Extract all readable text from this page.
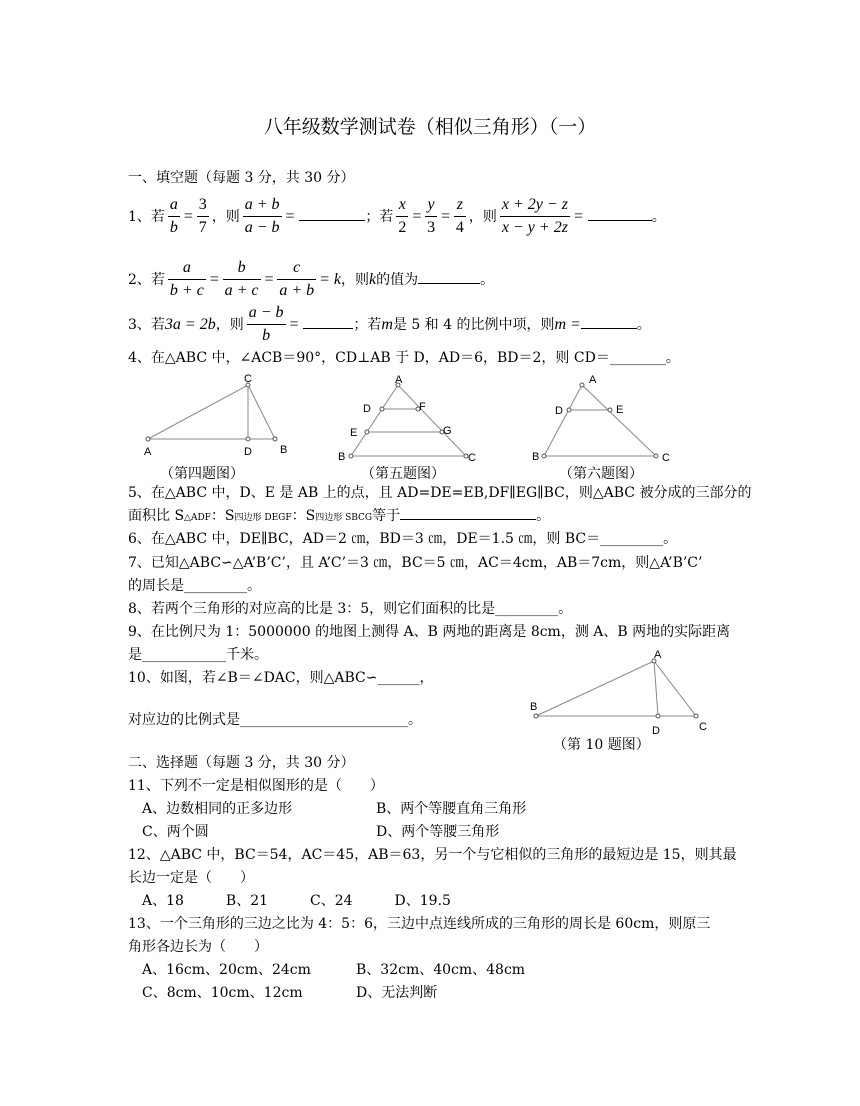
八年级数学测试卷（相似三角形）（一）
一、填空题（每题 3 分，共 30 分）
1、若 $\frac{a}{b} = \frac{3}{7}$ ，则 $\frac{a + b}{a - b}$ =	；若 $\frac{x}{2} = \frac{y}{3} = \frac{z}{4}$ ，则 $\frac{x + 2y - z}{x - y + 2z}$ =	。
2、若 $\frac{a}{b + c} = \frac{b}{a + c} = \frac{c}{a + b} = k$，则k的值为	。
3、若3a = 2b，则 $\frac{a - b}{b}$ =	；若m是 5 和 4 的比例中项，则m =	。
4、在△ABC 中，∠ACB＝90°，CD⊥AB 于 D，AD＝6，BD＝2，则 CD＝________。
C
A	D	B
（第四题图）
A
D	F
E	G
B	C
（第五题图）
A
D	E
B	C
（第六题图）
5、在△ABC 中，D、E 是 AB 上的点，且 AD=DE=EB,DF∥EG∥BC，则△ABC 被分成的三部分的
面积比 S△ADF：S四边形 DEGF：S四边形 SBCG等于	。
6、在△ABC 中，DE∥BC，AD＝2 ㎝，BD＝3 ㎝，DE＝1.5 ㎝，则 BC＝_________。
7、已知△ABC∽△A’B’C’，且 A’C’＝3 ㎝，BC＝5 ㎝，AC＝4cm，AB＝7cm，则△A’B’C’
的周长是_________。
8、若两个三角形的对应高的比是 3：5，则它们面积的比是_________。
9、在比例尺为 1：5000000 的地图上测得 A、B 两地的距离是 8cm，测 A、B 两地的实际距离
是____________千米。
10、如图，若∠B＝∠DAC，则△ABC∽______，
对应边的比例式是________________________。
A
B
D	C
（第 10 题图）
二、选择题（每题 3 分，共 30 分）
11、下列不一定是相似图形的是（　　）
A、边数相同的正多边形	B、两个等腰直角三角形
C、两个圆	D、两个等腰三角形
12、△ABC 中，BC＝54，AC＝45，AB＝63，另一个与它相似的三角形的最短边是 15，则其最
长边一定是（　　）
A、18　　　B、21　　　C、24　　　D、19.5
13、一个三角形的三边之比为 4：5：6，三边中点连线所成的三角形的周长是 60cm，则原三
角形各边长为（　　）
A、16cm、20cm、24cm	B、32cm、40cm、48cm
C、8cm、10cm、12cm	D、无法判断
